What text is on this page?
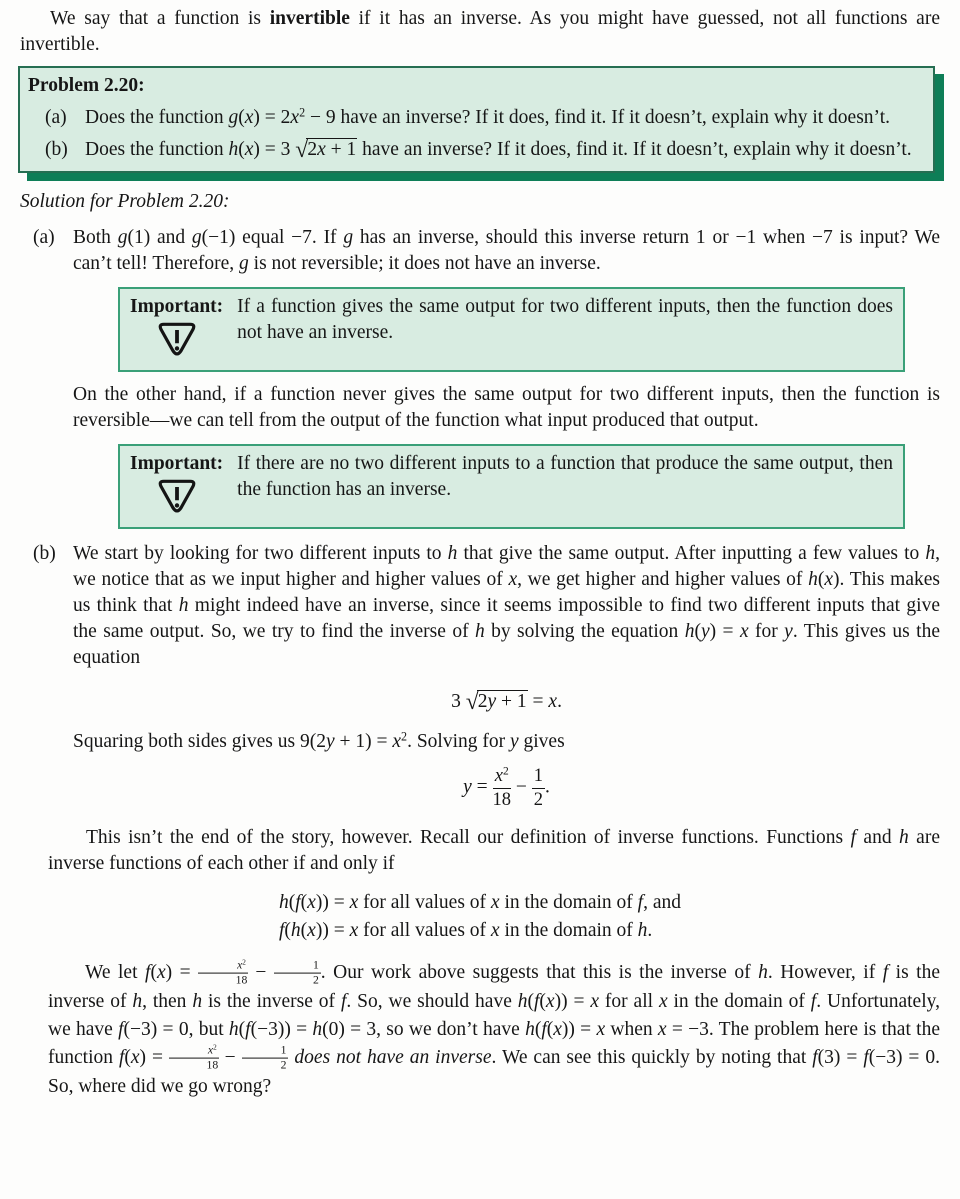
We say that a function is invertible if it has an inverse. As you might have guessed, not all functions are invertible.

Problem 2.20:
(a) Does the function $g(x) = 2x^2 - 9$ have an inverse? If it does, find it. If it doesn’t, explain why it doesn’t.
(b) Does the function h(x) = 3 √2x + 1 have an inverse? If it does, find it. If it doesn’t, explain why it doesn’t.

Solution for Problem 2.20:

(a) Both g(1) and g(−1) equal −7. If g has an inverse, should this inverse return 1 or −1 when −7 is input? We can’t tell! Therefore, g is not reversible; it does not have an inverse.
Important: If a function gives the same output for two different inputs, then the function does not have an inverse.

On the other hand, if a function never gives the same output for two different inputs, then the function is reversible—we can tell from the output of the function what input produced that output.

Important: If there are no two different inputs to a function that produce the same output, then the function has an inverse.
(b) We start by looking for two different inputs to h that give the same output. After inputting a few values to h, we notice that as we input higher and higher values of x, we get higher and higher values of h(x). This makes us think that h might indeed have an inverse, since it seems impossible to find two different inputs that give the same output. So, we try to find the inverse of h by solving the equation h(y) = x for y. This gives us the equation
3 √2y + 1 = x.

Squaring both sides gives us $9(2y + 1) = x^2$. Solving for y gives

$y = \frac{x^2}{18} - \frac{1}{2}$ .

This isn’t the end of the story, however. Recall our definition of inverse functions. Functions f and h are inverse functions of each other if and only if

h(f(x)) = x for all values of x in the domain of f, and
f(h(x)) = x for all values of x in the domain of h.

We let $f(x) = \frac{x^2}{18} - \frac{1}{2}$ . Our work above suggests that this is the inverse of h. However, if f is the inverse of h, then h is the inverse of f. So, we should have h(f(x)) = x for all x in the domain of f. Unfortunately, we have f(−3) = 0, but h(f(−3)) = h(0) = 3, so we don’t have h(f(x)) = x when x = −3. The problem here is that the function $f(x) = \frac{x^2}{18} - \frac{1}{2}$ does not have an inverse. We can see this quickly by noting that f(3) = f(−3) = 0. So, where did we go wrong?
